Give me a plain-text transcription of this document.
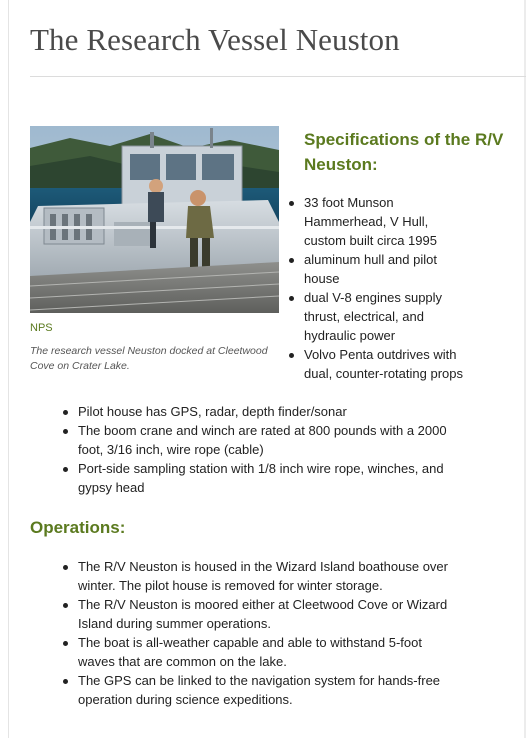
The Research Vessel Neuston
NPS

The research vessel Neuston docked at Cleetwood Cove on Crater Lake.

Specifications of the R/V Neuston:
33 foot Munson Hammerhead, V Hull, custom built circa 1995
aluminum hull and pilot house
dual V-8 engines supply thrust, electrical, and hydraulic power
Volvo Penta outdrives with dual, counter-rotating props
Pilot house has GPS, radar, depth finder/sonar
The boom crane and winch are rated at 800 pounds with a 2000 foot, 3/16 inch, wire rope (cable)
Port-side sampling station with 1/8 inch wire rope, winches, and gypsy head
Operations:
The R/V Neuston is housed in the Wizard Island boathouse over winter. The pilot house is removed for winter storage.
The R/V Neuston is moored either at Cleetwood Cove or Wizard Island during summer operations.
The boat is all-weather capable and able to withstand 5-foot waves that are common on the lake.
The GPS can be linked to the navigation system for hands-free operation during science expeditions.
